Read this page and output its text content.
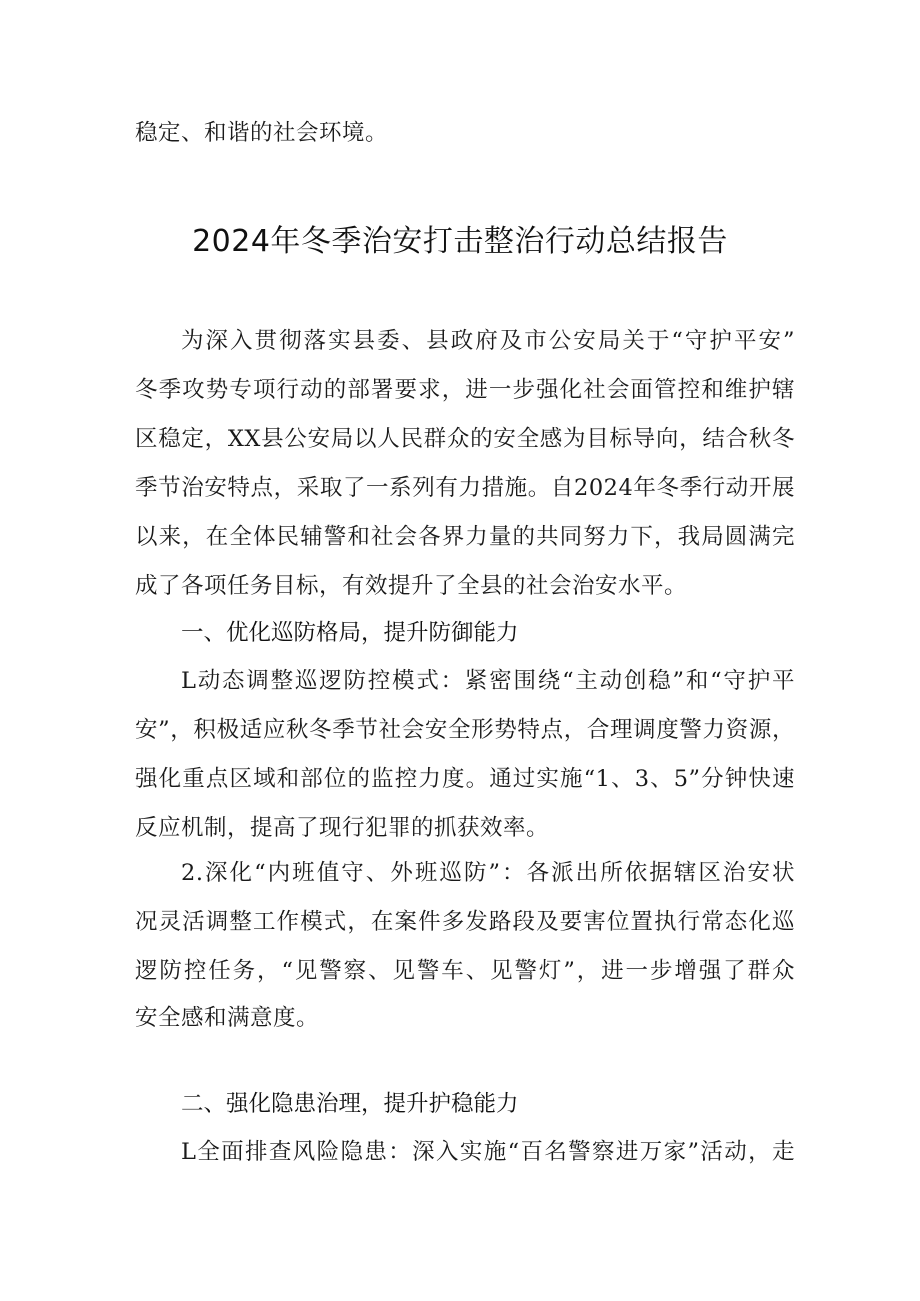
稳定、和谐的社会环境。
2024年冬季治安打击整治行动总结报告
为深入贯彻落实县委、县政府及市公安局关于“守护平安”
冬季攻势专项行动的部署要求，进一步强化社会面管控和维护辖
区稳定，XX县公安局以人民群众的安全感为目标导向，结合秋冬
季节治安特点，采取了一系列有力措施。自2024年冬季行动开展
以来，在全体民辅警和社会各界力量的共同努力下，我局圆满完
成了各项任务目标，有效提升了全县的社会治安水平。
一、优化巡防格局，提升防御能力
L动态调整巡逻防控模式：紧密围绕“主动创稳”和“守护平
安”，积极适应秋冬季节社会安全形势特点，合理调度警力资源，
强化重点区域和部位的监控力度。通过实施“1、3、5”分钟快速
反应机制，提高了现行犯罪的抓获效率。
2.深化“内班值守、外班巡防”：各派出所依据辖区治安状
况灵活调整工作模式，在案件多发路段及要害位置执行常态化巡
逻防控任务，“见警察、见警车、见警灯”，进一步增强了群众
安全感和满意度。
二、强化隐患治理，提升护稳能力
L全面排查风险隐患：深入实施“百名警察进万家”活动，走
